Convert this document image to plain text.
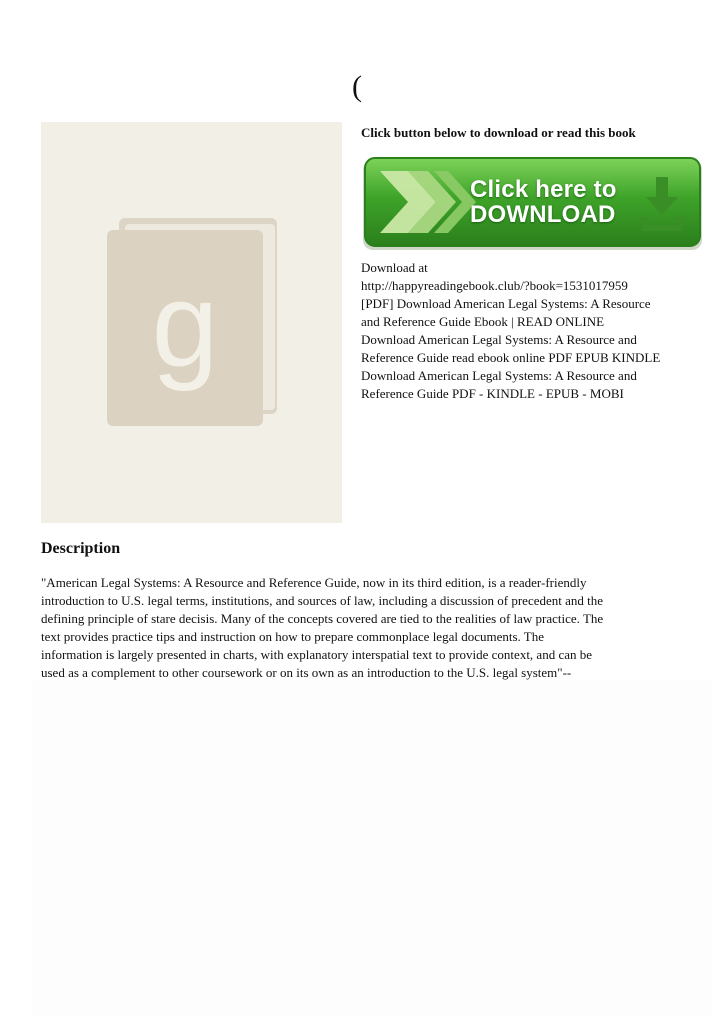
(
g
Click button below to download or read this book
Click here to
DOWNLOAD
Download at
http://happyreadingebook.club/?book=1531017959
[PDF] Download American Legal Systems: A Resource
and Reference Guide Ebook | READ ONLINE
Download American Legal Systems: A Resource and
Reference Guide read ebook online PDF EPUB KINDLE
Download American Legal Systems: A Resource and
Reference Guide PDF - KINDLE - EPUB - MOBI
Description
"American Legal Systems: A Resource and Reference Guide, now in its third edition, is a reader-friendly
introduction to U.S. legal terms, institutions, and sources of law, including a discussion of precedent and the
defining principle of stare decisis. Many of the concepts covered are tied to the realities of law practice. The
text provides practice tips and instruction on how to prepare commonplace legal documents. The
information is largely presented in charts, with explanatory interspatial text to provide context, and can be
used as a complement to other coursework or on its own as an introduction to the U.S. legal system"--
